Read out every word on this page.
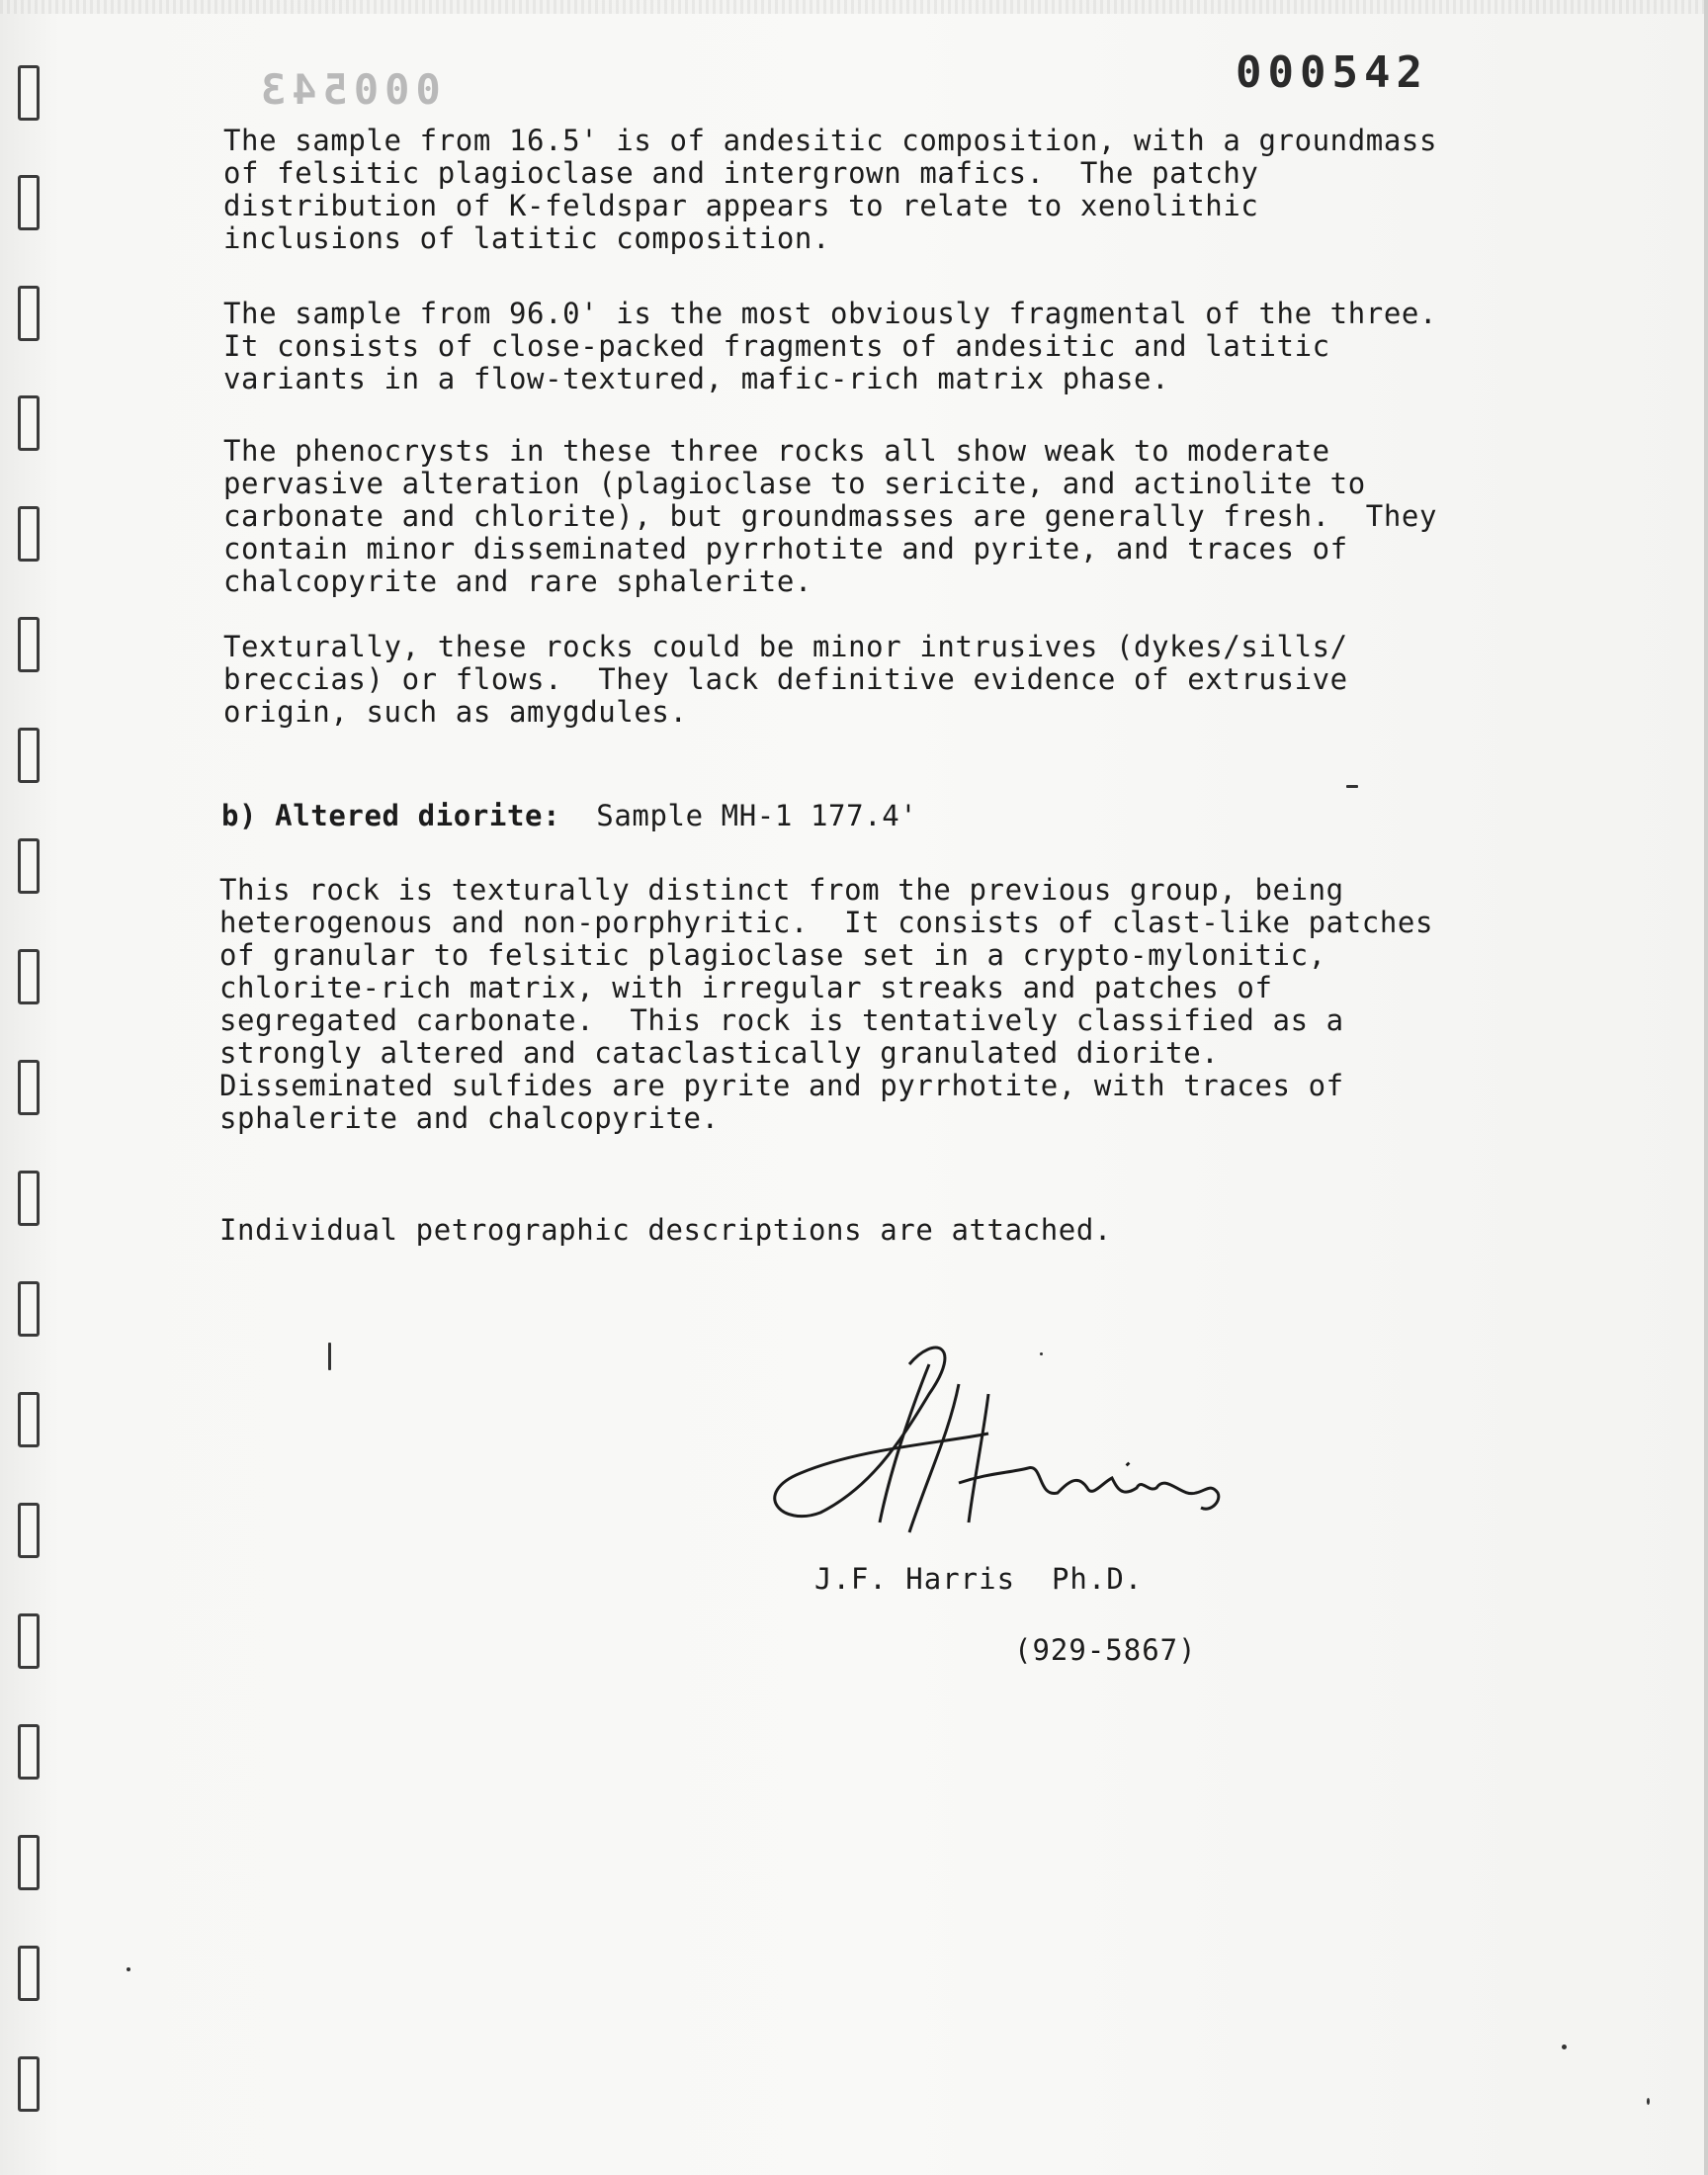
000543	000542
The sample from 16.5' is of andesitic composition, with a groundmass
of felsitic plagioclase and intergrown mafics.  The patchy
distribution of K-feldspar appears to relate to xenolithic
inclusions of latitic composition.
The sample from 96.0' is the most obviously fragmental of the three.
It consists of close-packed fragments of andesitic and latitic
variants in a flow-textured, mafic-rich matrix phase.
The phenocrysts in these three rocks all show weak to moderate
pervasive alteration (plagioclase to sericite, and actinolite to
carbonate and chlorite), but groundmasses are generally fresh.  They
contain minor disseminated pyrrhotite and pyrite, and traces of
chalcopyrite and rare sphalerite.
Texturally, these rocks could be minor intrusives (dykes/sills/
breccias) or flows.  They lack definitive evidence of extrusive
origin, such as amygdules.
b) Altered diorite: Sample MH-1 177.4'
This rock is texturally distinct from the previous group, being
heterogenous and non-porphyritic.  It consists of clast-like patches
of granular to felsitic plagioclase set in a crypto-mylonitic,
chlorite-rich matrix, with irregular streaks and patches of
segregated carbonate.  This rock is tentatively classified as a
strongly altered and cataclastically granulated diorite.
Disseminated sulfides are pyrite and pyrrhotite, with traces of
sphalerite and chalcopyrite.
Individual petrographic descriptions are attached.
J.F. Harris  Ph.D.
(929-5867)
